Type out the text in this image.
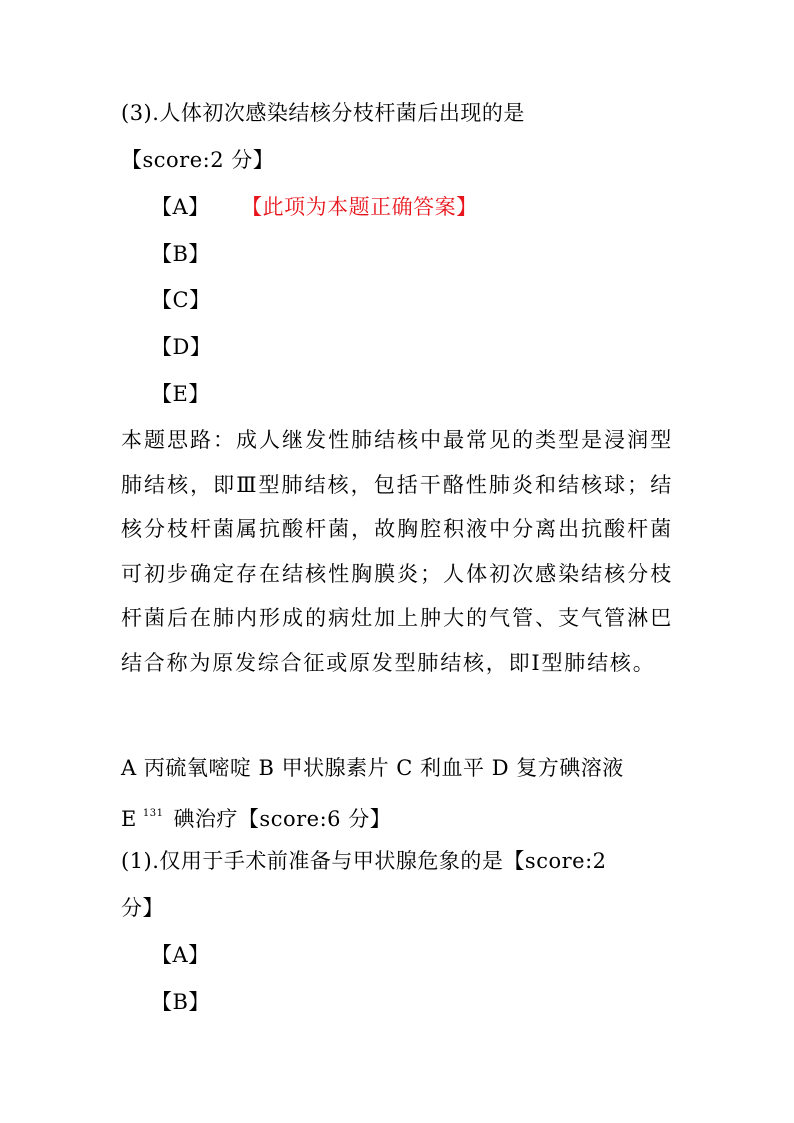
(3).人体初次感染结核分枝杆菌后出现的是
【score:2 分】
【A】 【此项为本题正确答案】
【B】
【C】
【D】
【E】
本题思路：成人继发性肺结核中最常见的类型是浸润型肺结核，即Ⅲ型肺结核，包括干酪性肺炎和结核球；结核分枝杆菌属抗酸杆菌，故胸腔积液中分离出抗酸杆菌可初步确定存在结核性胸膜炎；人体初次感染结核分枝杆菌后在肺内形成的病灶加上肿大的气管、支气管淋巴结合称为原发综合征或原发型肺结核，即Ⅰ型肺结核。
A 丙硫氧嘧啶 B 甲状腺素片 C 利血平 D 复方碘溶液
E $^{131}$ 碘治疗【score:6 分】
(1).仅用于手术前准备与甲状腺危象的是【score:2
分】
【A】
【B】
